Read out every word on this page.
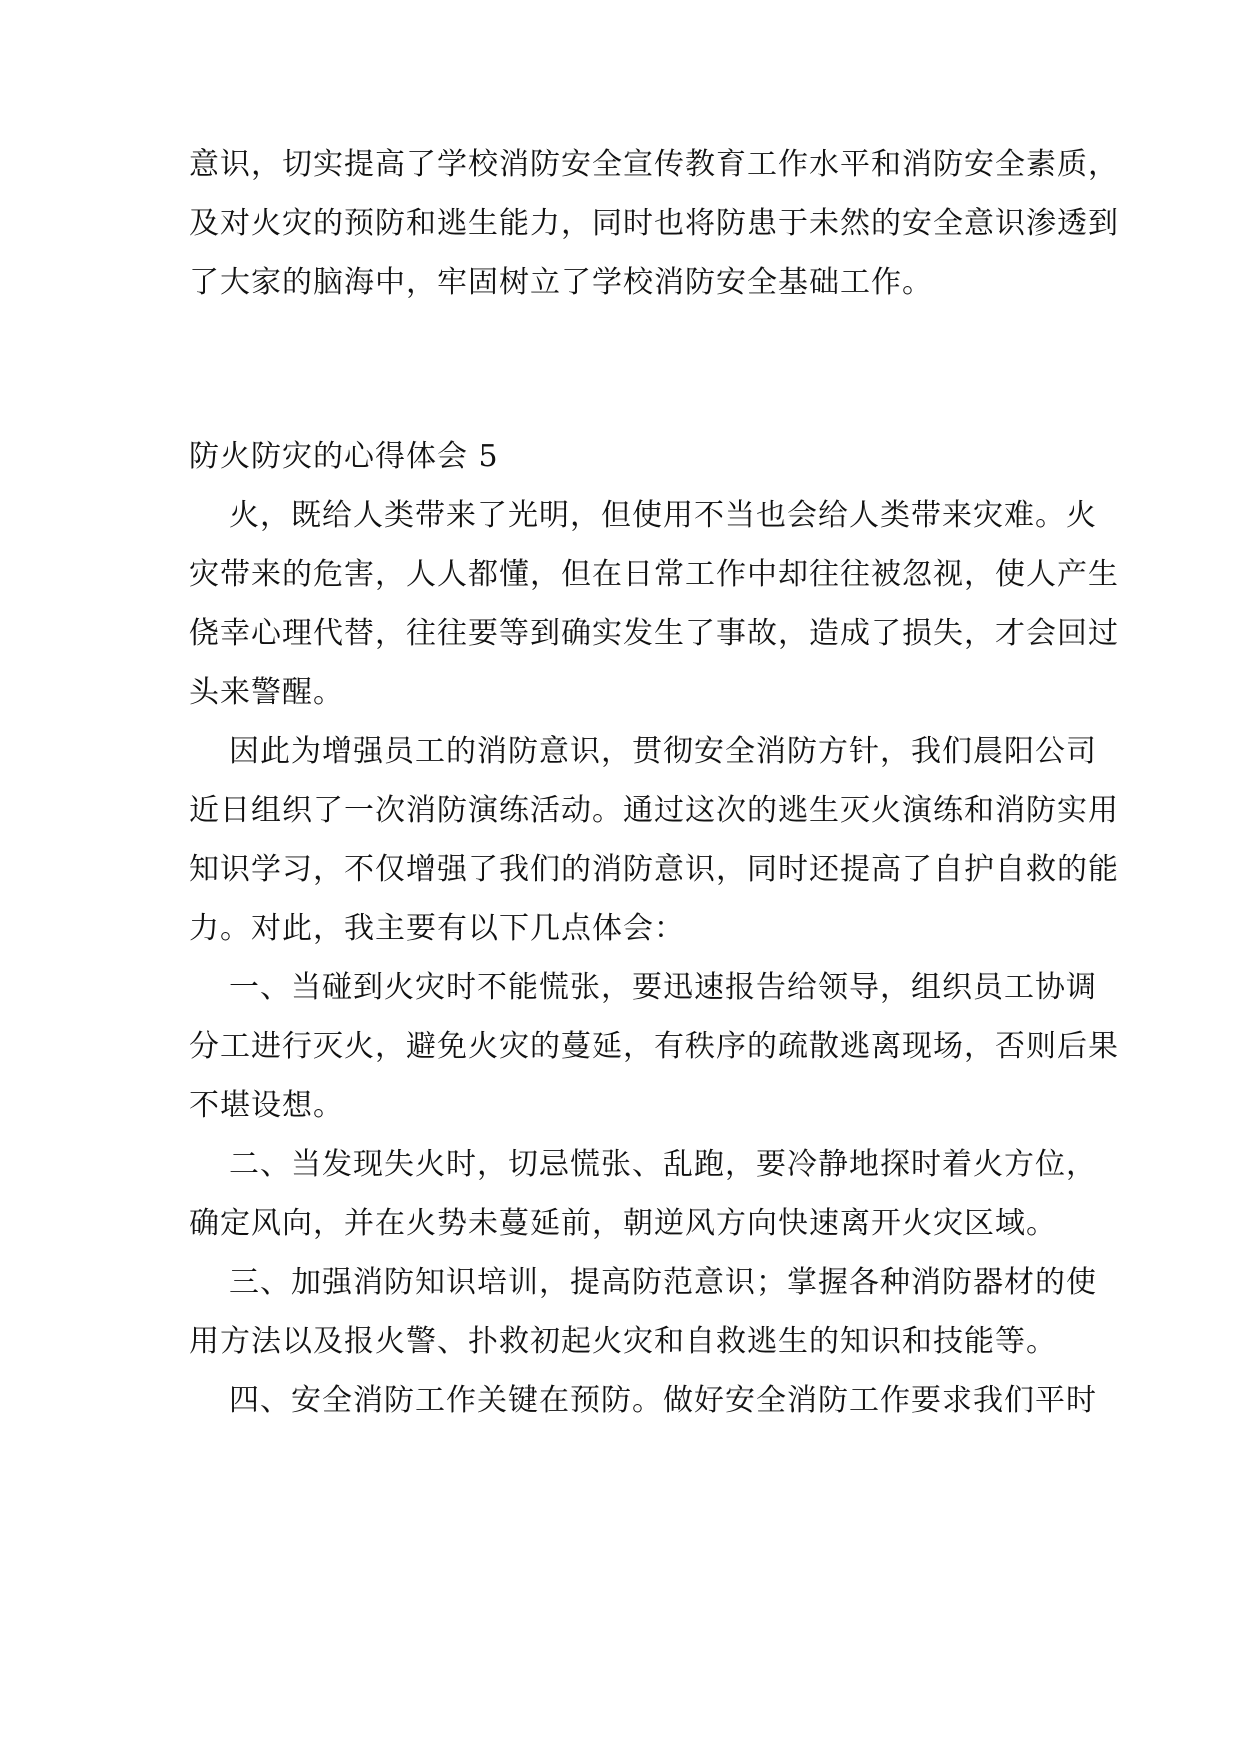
意识，切实提高了学校消防安全宣传教育工作水平和消防安全素质，
及对火灾的预防和逃生能力，同时也将防患于未然的安全意识渗透到
了大家的脑海中，牢固树立了学校消防安全基础工作。
防火防灾的心得体会 5
火，既给人类带来了光明，但使用不当也会给人类带来灾难。火
灾带来的危害，人人都懂，但在日常工作中却往往被忽视，使人产生
侥幸心理代替，往往要等到确实发生了事故，造成了损失，才会回过
头来警醒。
因此为增强员工的消防意识，贯彻安全消防方针，我们晨阳公司
近日组织了一次消防演练活动。通过这次的逃生灭火演练和消防实用
知识学习，不仅增强了我们的消防意识，同时还提高了自护自救的能
力。对此，我主要有以下几点体会：
一、当碰到火灾时不能慌张，要迅速报告给领导，组织员工协调
分工进行灭火，避免火灾的蔓延，有秩序的疏散逃离现场，否则后果
不堪设想。
二、当发现失火时，切忌慌张、乱跑，要冷静地探时着火方位，
确定风向，并在火势未蔓延前，朝逆风方向快速离开火灾区域。
三、加强消防知识培训，提高防范意识；掌握各种消防器材的使
用方法以及报火警、扑救初起火灾和自救逃生的知识和技能等。
四、安全消防工作关键在预防。做好安全消防工作要求我们平时
